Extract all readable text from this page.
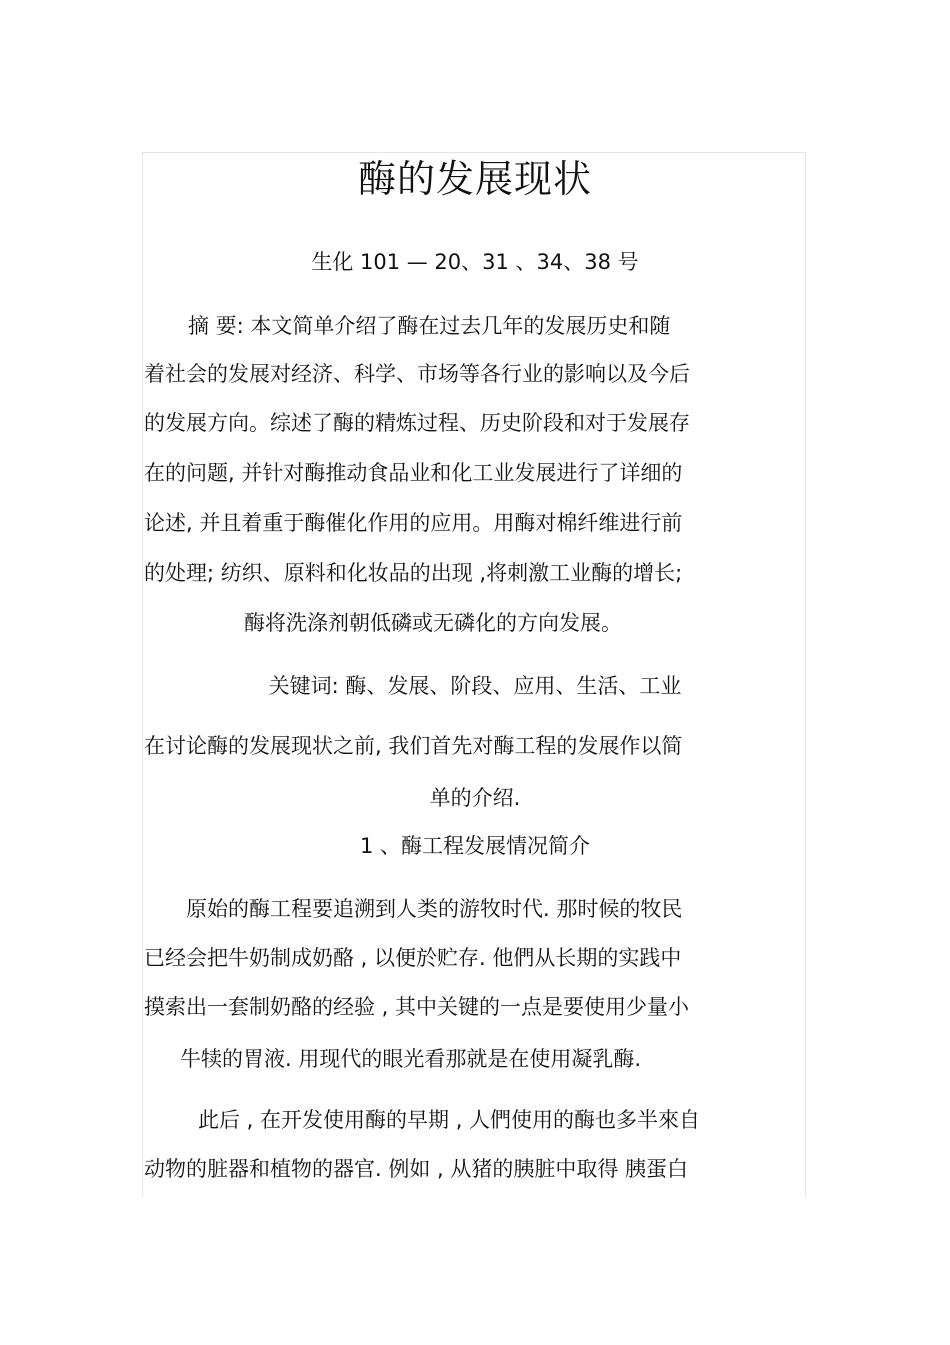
酶的发展现状
生化 101 — 20、31 、34、38 号
摘 要: 本文简单介绍了酶在过去几年的发展历史和随
着社会的发展对经济、科学、市场等各行业的影响以及今后
的发展方向。综述了酶的精炼过程、历史阶段和对于发展存
在的问题, 并针对酶推动食品业和化工业发展进行了详细的
论述, 并且着重于酶催化作用的应用。用酶对棉纤维进行前
的处理; 纺织、原料和化妆品的出现 ,将刺激工业酶的增长;
酶将洗涤剂朝低磷或无磷化的方向发展。
关键词: 酶、发展、阶段、应用、生活、工业
在讨论酶的发展现状之前, 我们首先对酶工程的发展作以简
单的介绍.
1 、酶工程发展情况简介
原始的酶工程要追溯到人类的游牧时代. 那时候的牧民
已经会把牛奶制成奶酪 , 以便於贮存. 他們从长期的实践中
摸索出一套制奶酪的经验 , 其中关键的一点是要使用少量小
牛犊的胃液. 用现代的眼光看那就是在使用凝乳酶.
此后 , 在开发使用酶的早期 , 人們使用的酶也多半來自
动物的脏器和植物的器官. 例如 , 从猪的胰脏中取得 胰蛋白
